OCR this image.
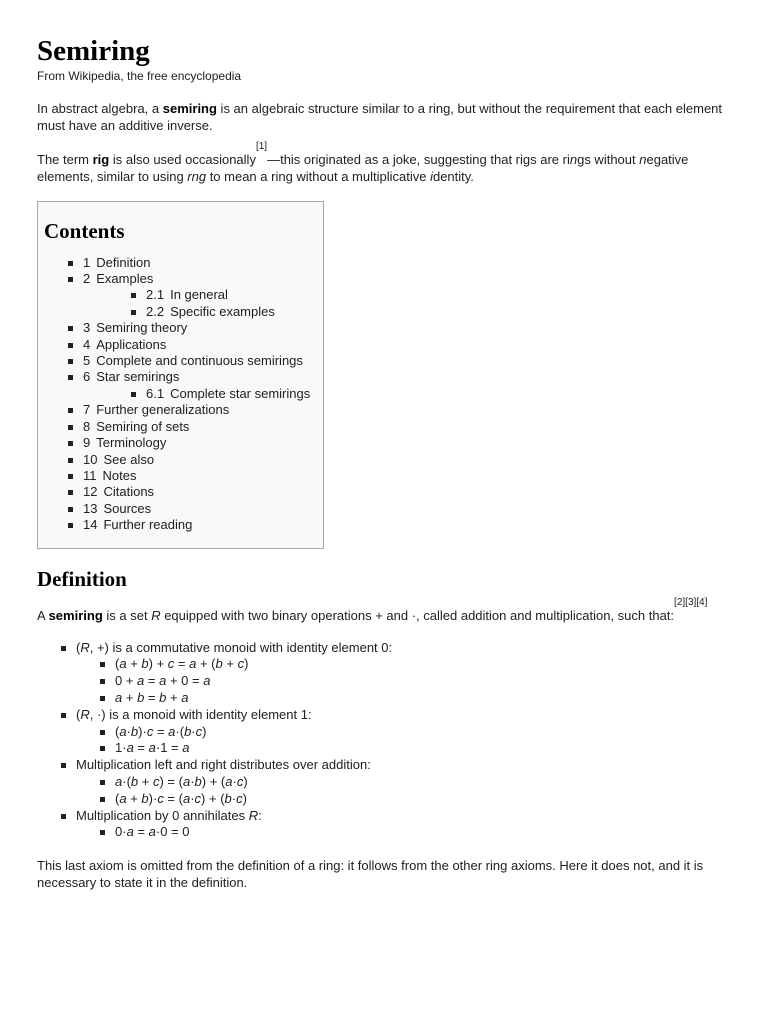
Semiring
From Wikipedia, the free encyclopedia

In abstract algebra, a semiring is an algebraic structure similar to a ring, but without the requirement that each element must have an additive inverse.

The term rig is also used occasionally[1]—this originated as a joke, suggesting that rigs are rings without negative elements, similar to using rng to mean a ring without a multiplicative identity.

Contents
1 Definition
2 Examples
2.1 In general
2.2 Specific examples
3 Semiring theory
4 Applications
5 Complete and continuous semirings
6 Star semirings
6.1 Complete star semirings
7 Further generalizations
8 Semiring of sets
9 Terminology
10 See also
11 Notes
12 Citations
13 Sources
14 Further reading
Definition

A semiring is a set R equipped with two binary operations + and ·, called addition and multiplication, such that:[2][3][4]

(R, +) is a commutative monoid with identity element 0:
(a + b) + c = a + (b + c)
0 + a = a + 0 = a
a + b = b + a
(R, ·) is a monoid with identity element 1:
(a·b)·c = a·(b·c)
1·a = a·1 = a
Multiplication left and right distributes over addition:
a·(b + c) = (a·b) + (a·c)
(a + b)·c = (a·c) + (b·c)
Multiplication by 0 annihilates R:
0·a = a·0 = 0

This last axiom is omitted from the definition of a ring: it follows from the other ring axioms. Here it does not, and it is necessary to state it in the definition.
